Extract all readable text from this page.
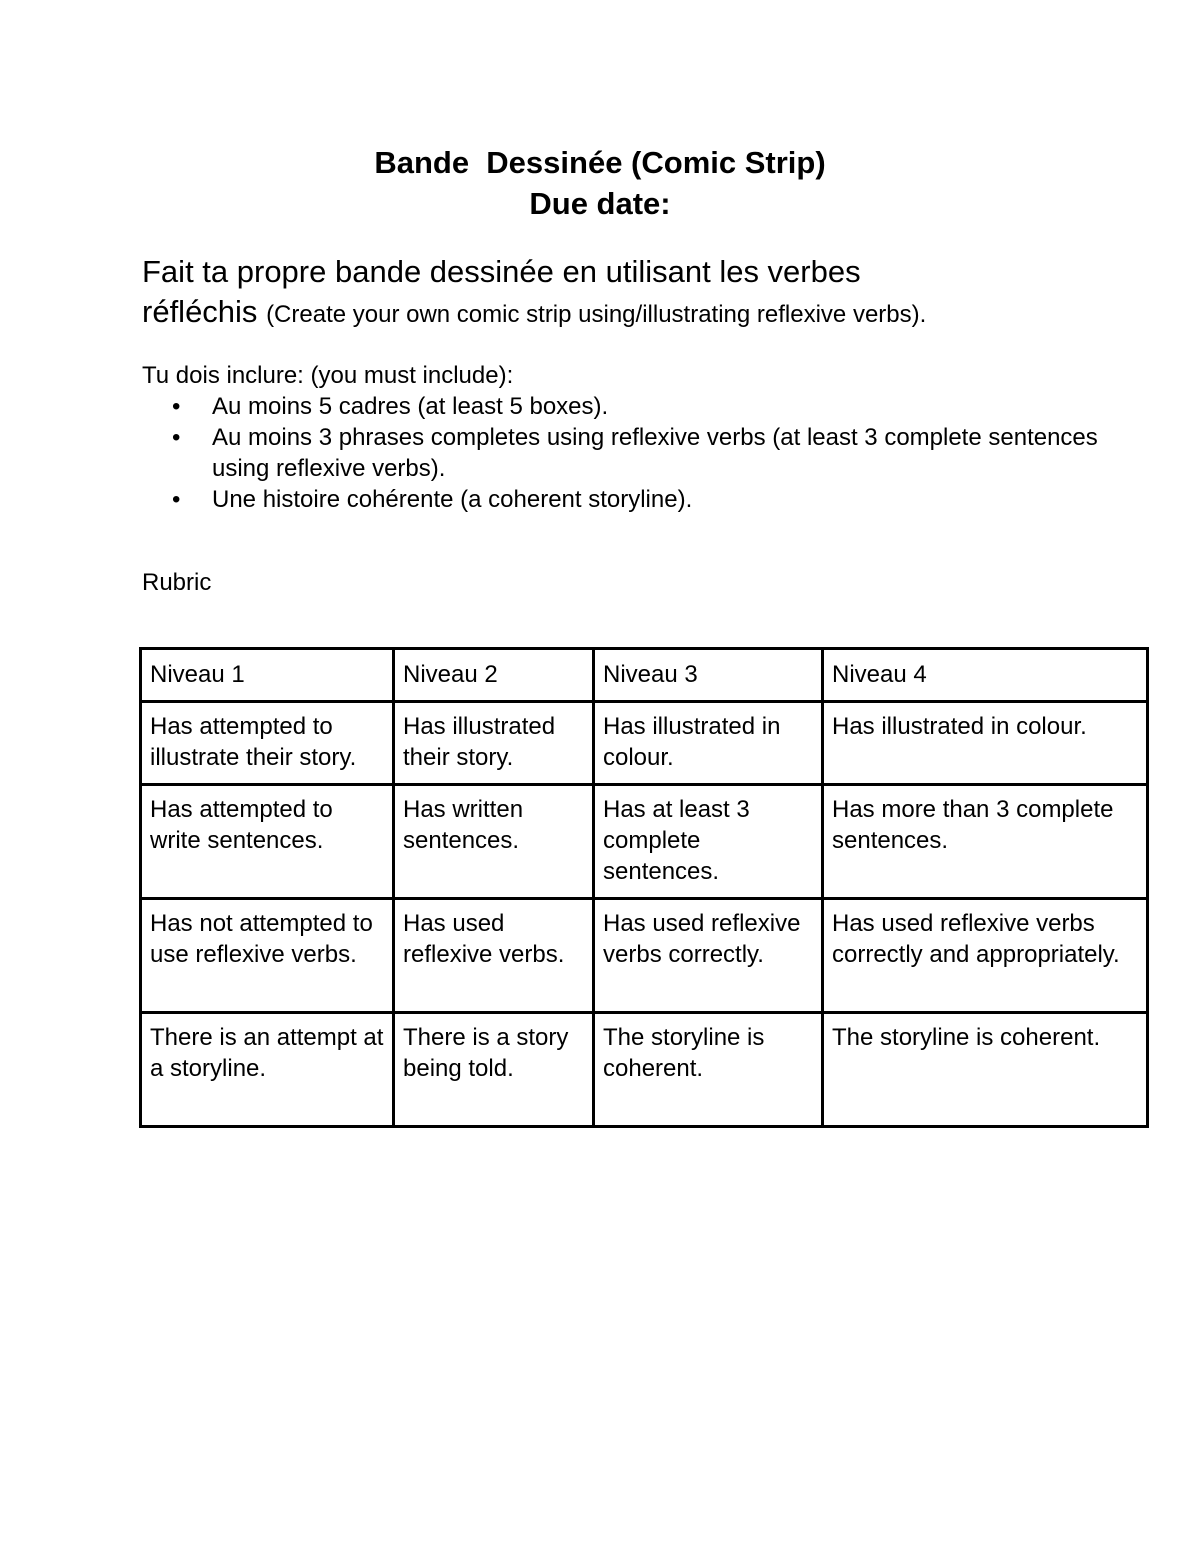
Bande  Dessinée (Comic Strip)
Due date:
Fait ta propre bande dessinée en utilisant les verbes
réfléchis (Create your own comic strip using/illustrating reflexive verbs).
Tu dois inclure: (you must include):
• Au moins 5 cadres (at least 5 boxes).
• Au moins 3 phrases completes using reflexive verbs (at least 3 complete sentences using reflexive verbs).
• Une histoire cohérente (a coherent storyline).
Rubric
Niveau 1	Niveau 2	Niveau 3	Niveau 4
Has attempted to illustrate their story.	Has illustrated their story.	Has illustrated in colour.	Has illustrated in colour.
Has attempted to write sentences.	Has written sentences.	Has at least 3 complete sentences.	Has more than 3 complete sentences.
Has not attempted to use reflexive verbs.	Has used reflexive verbs.	Has used reflexive verbs correctly.	Has used reflexive verbs correctly and appropriately.
There is an attempt at a storyline.	There is a story being told.	The storyline is coherent.	The storyline is coherent.
